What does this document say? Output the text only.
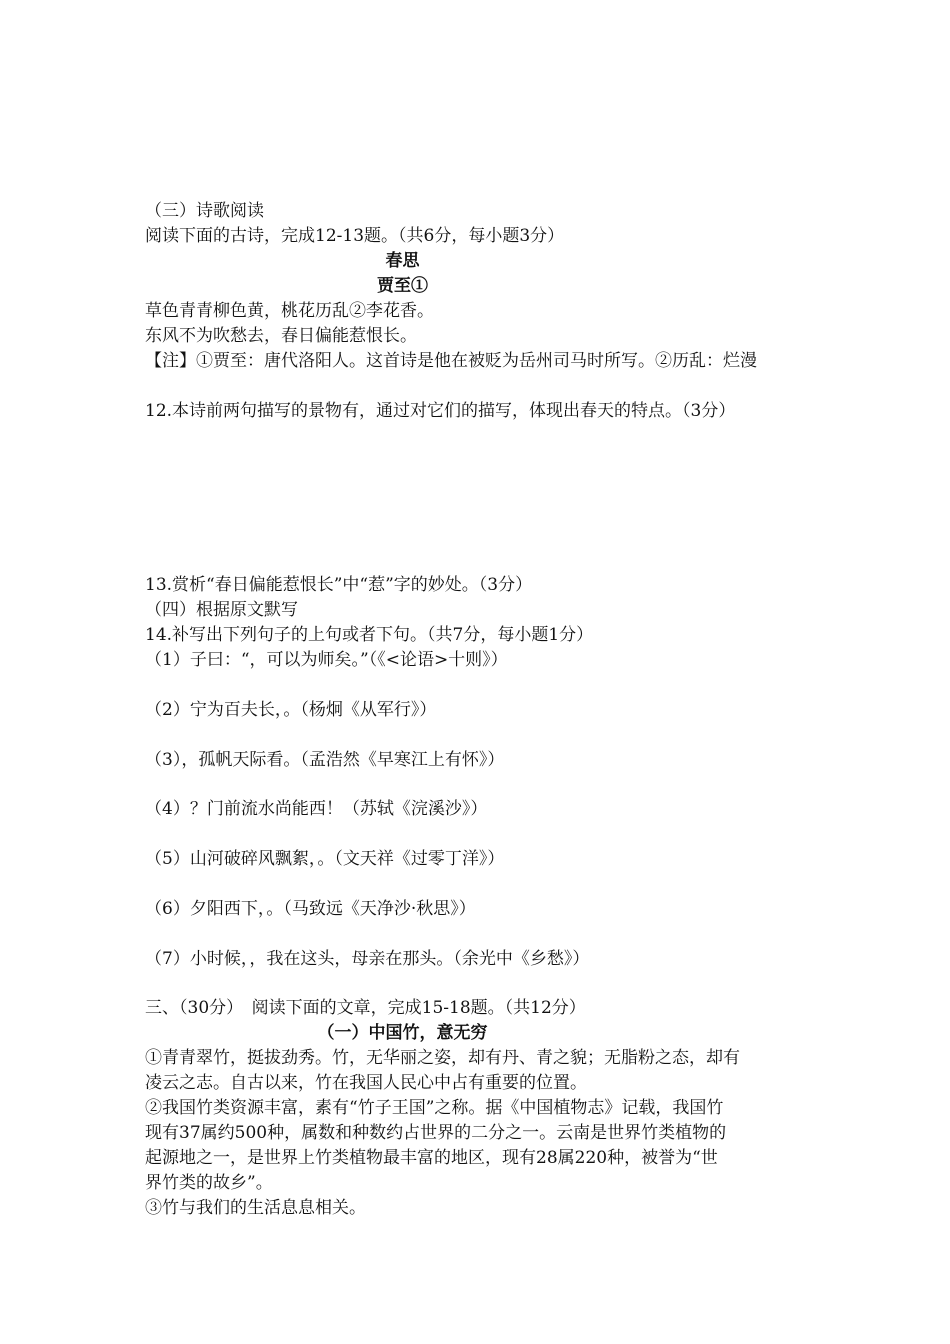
（三）诗歌阅读
阅读下面的古诗，完成12-13题。（共6分，每小题3分）
春思
贾至①
草色青青柳色黄，桃花历乱②李花香。
东风不为吹愁去，春日偏能惹恨长。
【注】①贾至：唐代洛阳人。这首诗是他在被贬为岳州司马时所写。②历乱：烂漫
12.本诗前两句描写的景物有，通过对它们的描写，体现出春天的特点。（3分）
13.赏析“春日偏能惹恨长”中“惹”字的妙处。（3分）
（四）根据原文默写
14.补写出下列句子的上句或者下句。（共7分，每小题1分）
（1）子曰：“，可以为师矣。”（《<论语>十则》）
（2）宁为百夫长，。（杨炯《从军行》）
（3），孤帆天际看。（孟浩然《早寒江上有怀》）
（4）？门前流水尚能西！（苏轼《浣溪沙》）
（5）山河破碎风飘絮，。（文天祥《过零丁洋》）
（6）夕阳西下，。（马致远《天净沙·秋思》）
（7）小时候，，我在这头，母亲在那头。（余光中《乡愁》）
三、（30分）　阅读下面的文章，完成15-18题。（共12分）
（一）中国竹，意无穷
①青青翠竹，挺拔劲秀。竹，无华丽之姿，却有丹、青之貌；无脂粉之态，却有
凌云之志。自古以来，竹在我国人民心中占有重要的位置。
②我国竹类资源丰富，素有“竹子王国”之称。据《中国植物志》记载，我国竹
现有37属约500种，属数和种数约占世界的二分之一。云南是世界竹类植物的
起源地之一，是世界上竹类植物最丰富的地区，现有28属220种，被誉为“世
界竹类的故乡”。
③竹与我们的生活息息相关。
